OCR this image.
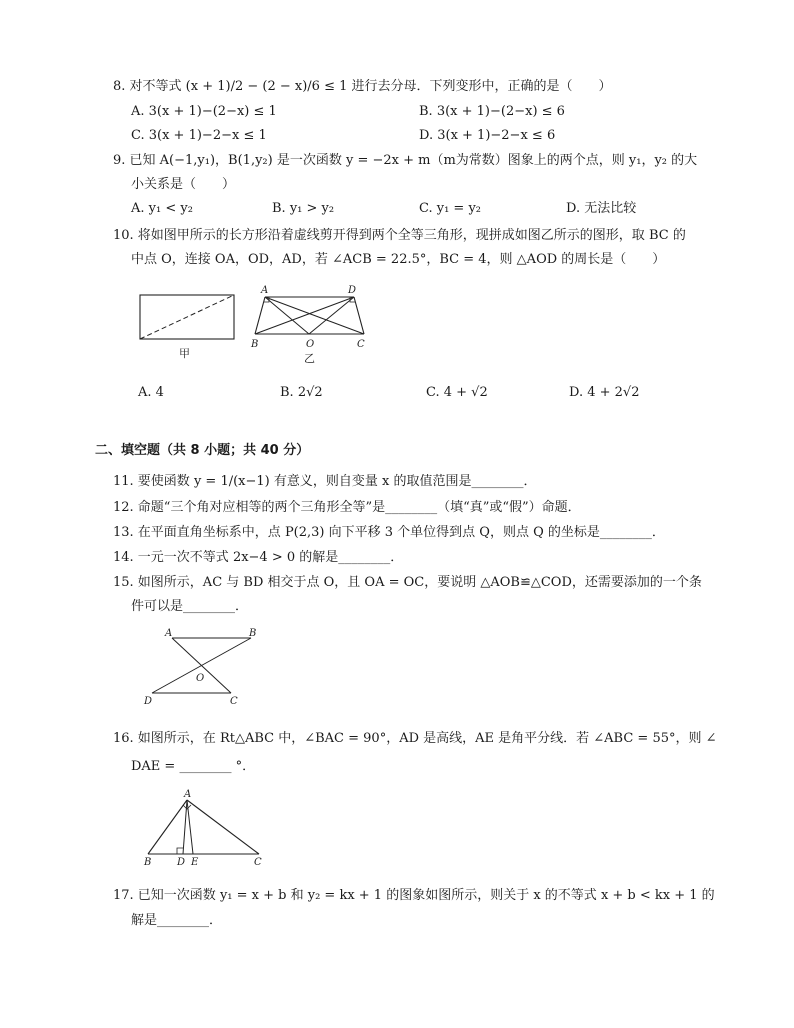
8. 对不等式 (x + 1)/2 − (2 − x)/6 ≤ 1 进行去分母．下列变形中，正确的是（　　）
A. 3(x + 1)−(2−x) ≤ 1	B. 3(x + 1)−(2−x) ≤ 6
C. 3(x + 1)−2−x ≤ 1	D. 3(x + 1)−2−x ≤ 6
9. 已知 A(−1,y₁)，B(1,y₂) 是一次函数 y = −2x + m（m为常数）图象上的两个点，则 y₁，y₂ 的大
小关系是（　　）
A. y₁ < y₂	B. y₁ > y₂	C. y₁ = y₂	D. 无法比较
10. 将如图甲所示的长方形沿着虚线剪开得到两个全等三角形，现拼成如图乙所示的图形，取 BC 的
中点 O，连接 OA，OD，AD，若 ∠ACB = 22.5°，BC = 4，则 △AOD 的周长是（　　）
甲
A	D
B	O	C
乙
A. 4	B. 2√2	C. 4 + √2	D. 4 + 2√2
二、填空题（共 8 小题；共 40 分）
11. 要使函数 y = 1/(x−1) 有意义，则自变量 x 的取值范围是________．
12. 命题“三个角对应相等的两个三角形全等”是________（填“真”或“假”）命题．
13. 在平面直角坐标系中，点 P(2,3) 向下平移 3 个单位得到点 Q，则点 Q 的坐标是________．
14. 一元一次不等式 2x−4 > 0 的解是________．
15. 如图所示，AC 与 BD 相交于点 O，且 OA = OC，要说明 △AOB≌△COD，还需要添加的一个条
件可以是________．
A	B
O
D	C
16. 如图所示，在 Rt△ABC 中，∠BAC = 90°，AD 是高线，AE 是角平分线．若 ∠ABC = 55°，则 ∠
DAE = ________ °．
A
B	D E	C
17. 已知一次函数 y₁ = x + b 和 y₂ = kx + 1 的图象如图所示，则关于 x 的不等式 x + b < kx + 1 的
解是________．
